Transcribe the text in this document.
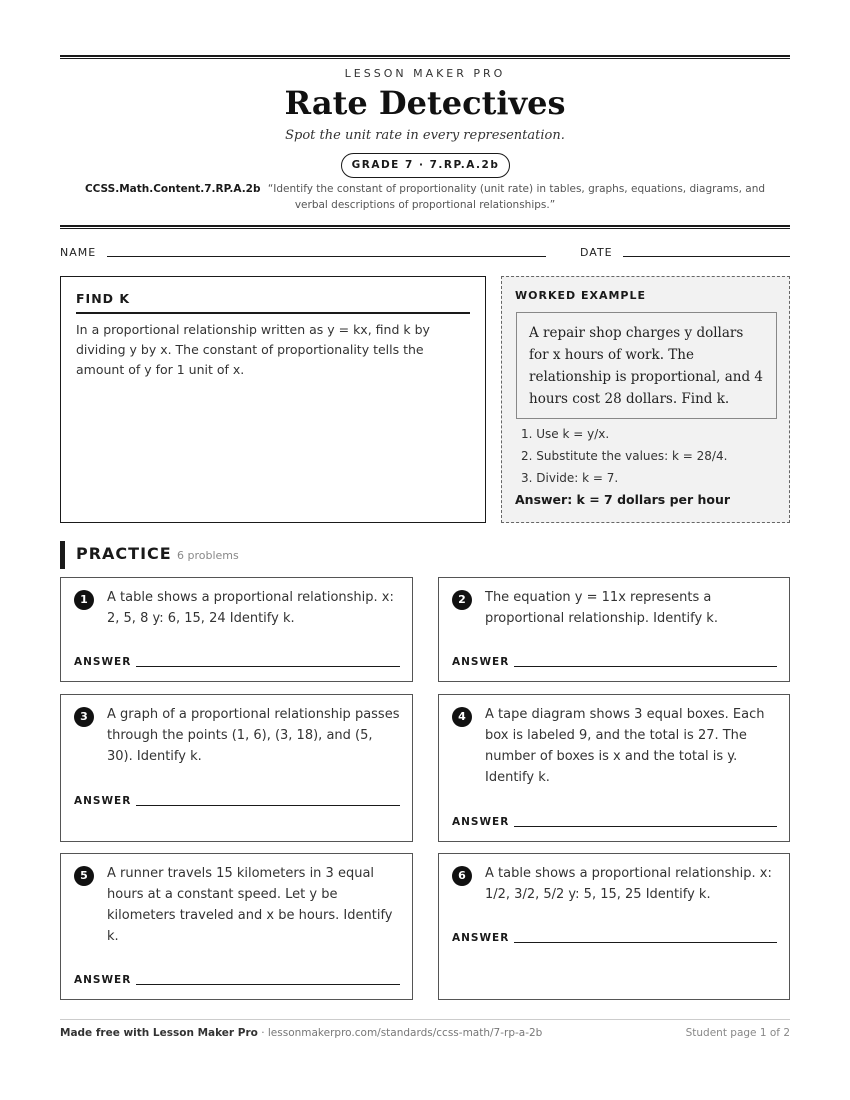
LESSON MAKER PRO
Rate Detectives
Spot the unit rate in every representation.
GRADE 7 · 7.RP.A.2b
CCSS.Math.Content.7.RP.A.2b “Identify the constant of proportionality (unit rate) in tables, graphs, equations, diagrams, and verbal descriptions of proportional relationships.”
NAME	DATE
FIND K
In a proportional relationship written as y = kx, find k by dividing y by x. The constant of proportionality tells the amount of y for 1 unit of x.
WORKED EXAMPLE
A repair shop charges y dollars for x hours of work. The relationship is proportional, and 4 hours cost 28 dollars. Find k.
1. Use k = y/x.
2. Substitute the values: k = 28/4.
3. Divide: k = 7.
Answer: k = 7 dollars per hour
PRACTICE 6 problems
1	A table shows a proportional relationship. x: 2, 5, 8 y: 6, 15, 24 Identify k.
ANSWER
2	The equation y = 11x represents a proportional relationship. Identify k.
ANSWER
3	A graph of a proportional relationship passes through the points (1, 6), (3, 18), and (5, 30). Identify k.
ANSWER
4	A tape diagram shows 3 equal boxes. Each box is labeled 9, and the total is 27. The number of boxes is x and the total is y. Identify k.
ANSWER
5	A runner travels 15 kilometers in 3 equal hours at a constant speed. Let y be kilometers traveled and x be hours. Identify k.
ANSWER
6	A table shows a proportional relationship. x: 1/2, 3/2, 5/2 y: 5, 15, 25 Identify k.
ANSWER
Made free with Lesson Maker Pro · lessonmakerpro.com/standards/ccss-math/7-rp-a-2b	Student page 1 of 2
